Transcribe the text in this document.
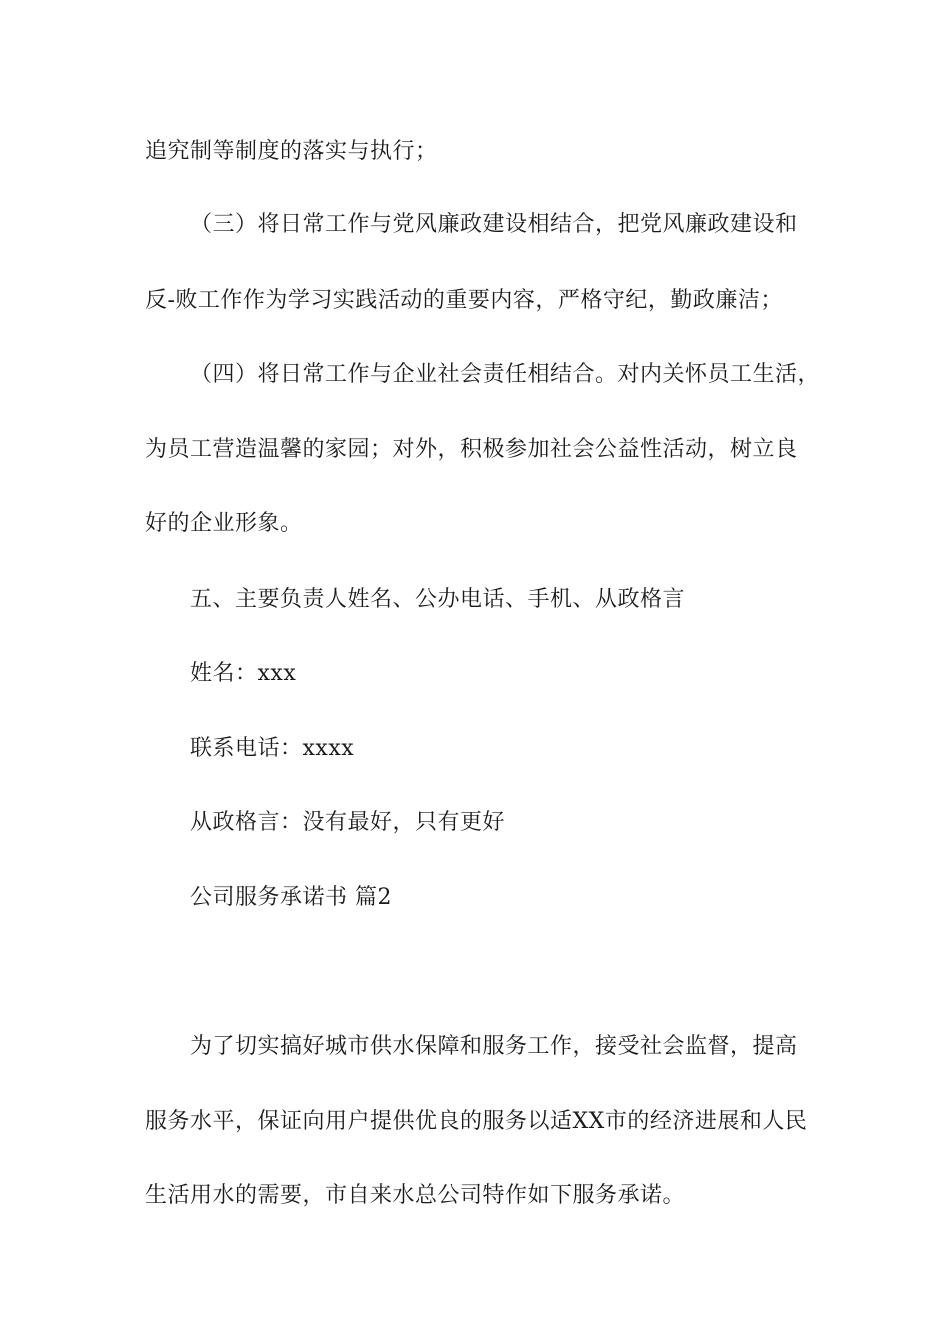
追究制等制度的落实与执行；
（三）将日常工作与党风廉政建设相结合，把党风廉政建设和
反-败工作作为学习实践活动的重要内容，严格守纪，勤政廉洁；
（四）将日常工作与企业社会责任相结合。对内关怀员工生活，
为员工营造温馨的家园；对外，积极参加社会公益性活动，树立良
好的企业形象。
五、主要负责人姓名、公办电话、手机、从政格言
姓名：xxx
联系电话：xxxx
从政格言：没有最好，只有更好
公司服务承诺书 篇2
为了切实搞好城市供水保障和服务工作，接受社会监督，提高
服务水平，保证向用户提供优良的服务以适XX市的经济进展和人民
生活用水的需要，市自来水总公司特作如下服务承诺。
